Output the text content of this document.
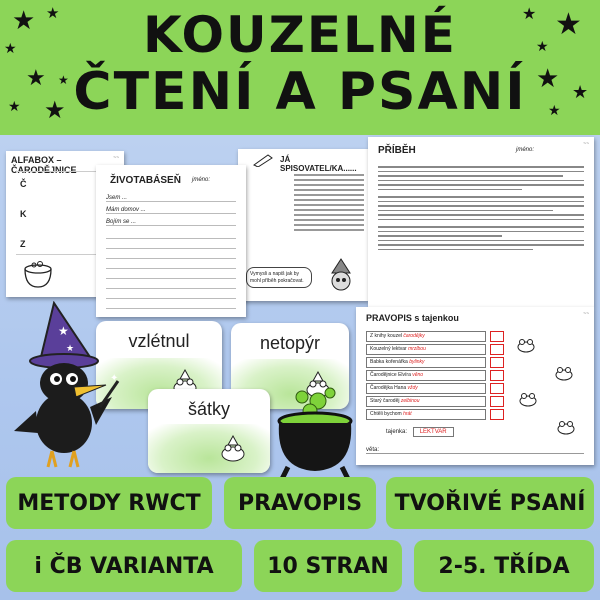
KOUZELNÉ
ČTENÍ A PSANÍ
★ ★
★
★ ★
★ ★
★ ★
★
★ ★
★
~~
ALFABOX – ČARODĚJNICE
Č
K
Z
JÁ SPISOVATEL/KA......
Vymysli a napiš jak by mohl příběh pokračovat.
ŽIVOTABÁSEŇ jméno:
Jsem ...
Mám domov ...
Bojím se ...
~~
PŘÍBĚH	jméno:
~~
PRAVOPIS s tajenkou
Z knihy kouzel čarodějky
Kouzelný lektvar mrzlbou
Babka kořenářka bylinky
Čarodějnice Elvíra věno
Čarodějka Hana vždy
Starý čaroděj zelbinou
Chtěli bychom hrát
tajenka: LEKTVAR
věta:
vzlétnul	netopýr
šátky
★
★
✦
METODY RWCT	PRAVOPIS	TVOŘIVÉ PSANÍ
i ČB VARIANTA	10 STRAN	2-5. TŘÍDA
